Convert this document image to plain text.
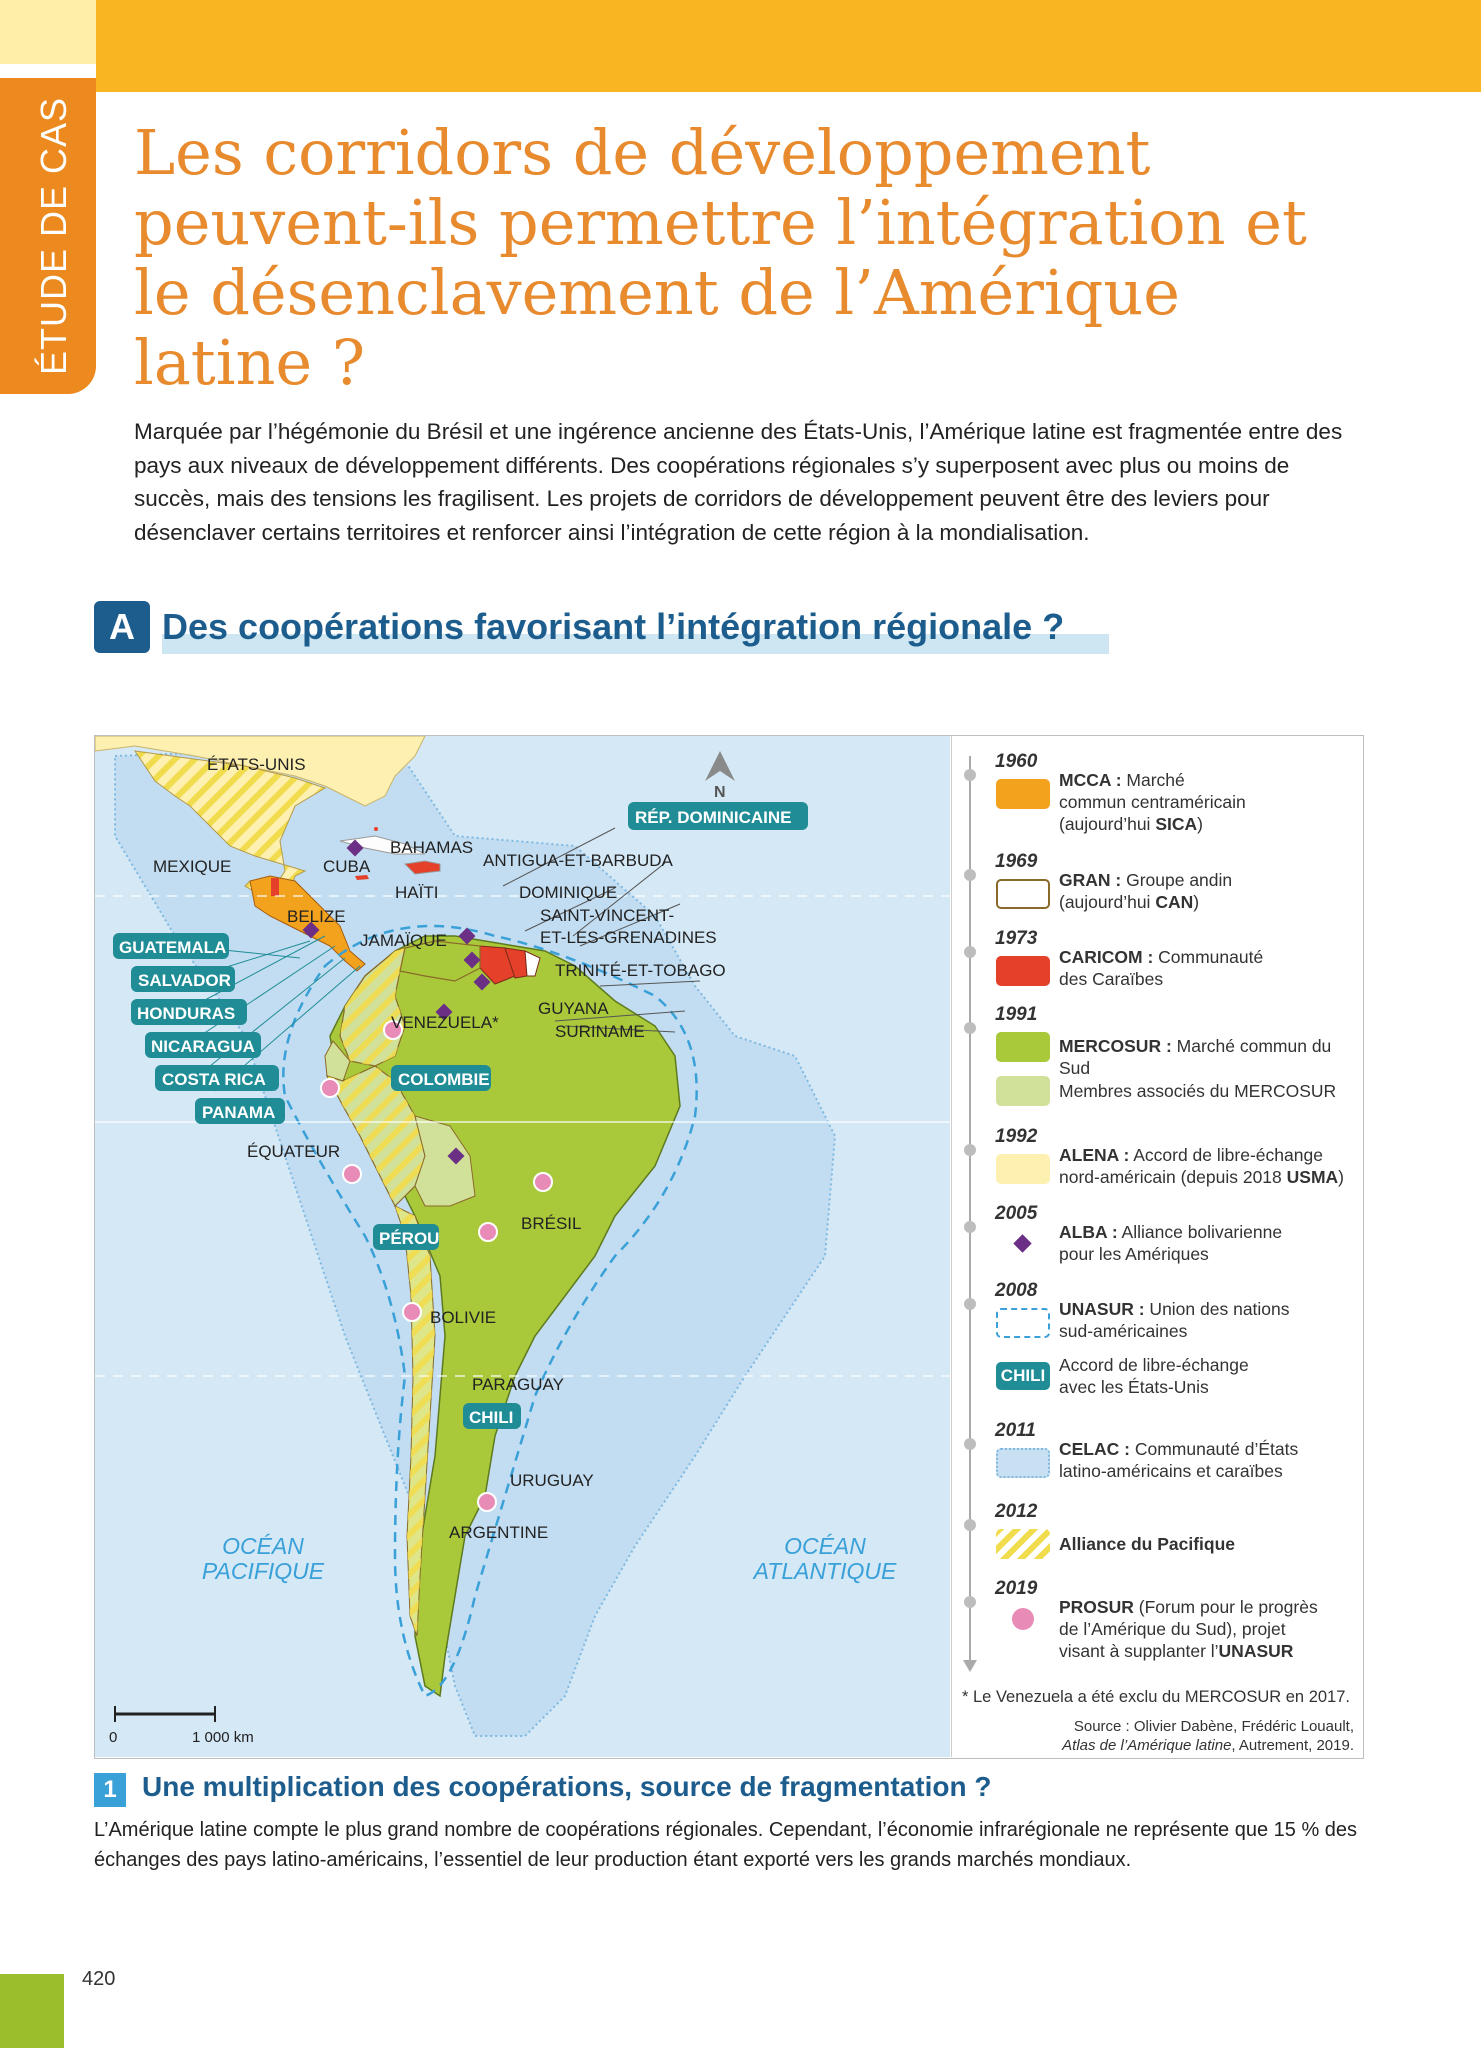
ÉTUDE DE CAS Les corridors de développement peuvent-ils permettre l’intégration et le désenclavement de l’Amérique latine ?

Marquée par l’hégémonie du Brésil et une ingérence ancienne des États-Unis, l’Amérique latine est fragmentée entre des pays aux niveaux de développement différents. Des coopérations régionales s’y superposent avec plus ou moins de succès, mais des tensions les fragilisent. Les projets de corridors de développement peuvent être des leviers pour désenclaver certains territoires et renforcer ainsi l’intégration de cette région à la mondialisation.

A Des coopérations favorisant l’intégration régionale ?
N
ÉTATS-UNIS
MEXIQUE	CUBA
BAHAMAS
HAÏTI
JAMAÏQUE
BELIZE
ANTIGUA-ET-BARBUDA
DOMINIQUE
SAINT-VINCENT-
ET-LES-GRENADINES
TRINITÉ-ET-TOBAGO
GUYANA
SURINAME
VENEZUELA*
ÉQUATEUR
BRÉSIL
BOLIVIE
PARAGUAY
URUGUAY
ARGENTINE
OCÉAN
PACIFIQUE
OCÉAN
ATLANTIQUE
RÉP. DOMINICAINE
GUATEMALA
SALVADOR
HONDURAS
NICARAGUA
COSTA RICA
PANAMA
COLOMBIE
PÉROU
CHILI
0	1 000 km
1960
MCCA : Marché
commun centraméricain
(aujourd’hui SICA)
1969
GRAN : Groupe andin
(aujourd’hui CAN)
1973
CARICOM : Communauté
des Caraïbes
1991
MERCOSUR : Marché commun du Sud
Membres associés du MERCOSUR
1992
ALENA : Accord de libre-échange
nord-américain (depuis 2018 USMA)
2005
ALBA : Alliance bolivarienne
pour les Amériques
2008
UNASUR : Union des nations
sud-américaines
CHILI
Accord de libre-échange
avec les États-Unis
2011
CELAC : Communauté d’États
latino-américains et caraïbes
2012
Alliance du Pacifique
2019
PROSUR (Forum pour le progrès
de l’Amérique du Sud), projet
visant à supplanter l’UNASUR
* Le Venezuela a été exclu du MERCOSUR en 2017.
Source : Olivier Dabène, Frédéric Louault,
Atlas de l’Amérique latine, Autrement, 2019.
1 Une multiplication des coopérations, source de fragmentation ?

L’Amérique latine compte le plus grand nombre de coopérations régionales. Cependant, l’économie infrarégionale ne représente que 15 % des échanges des pays latino-américains, l’essentiel de leur production étant exporté vers les grands marchés mondiaux.

420
